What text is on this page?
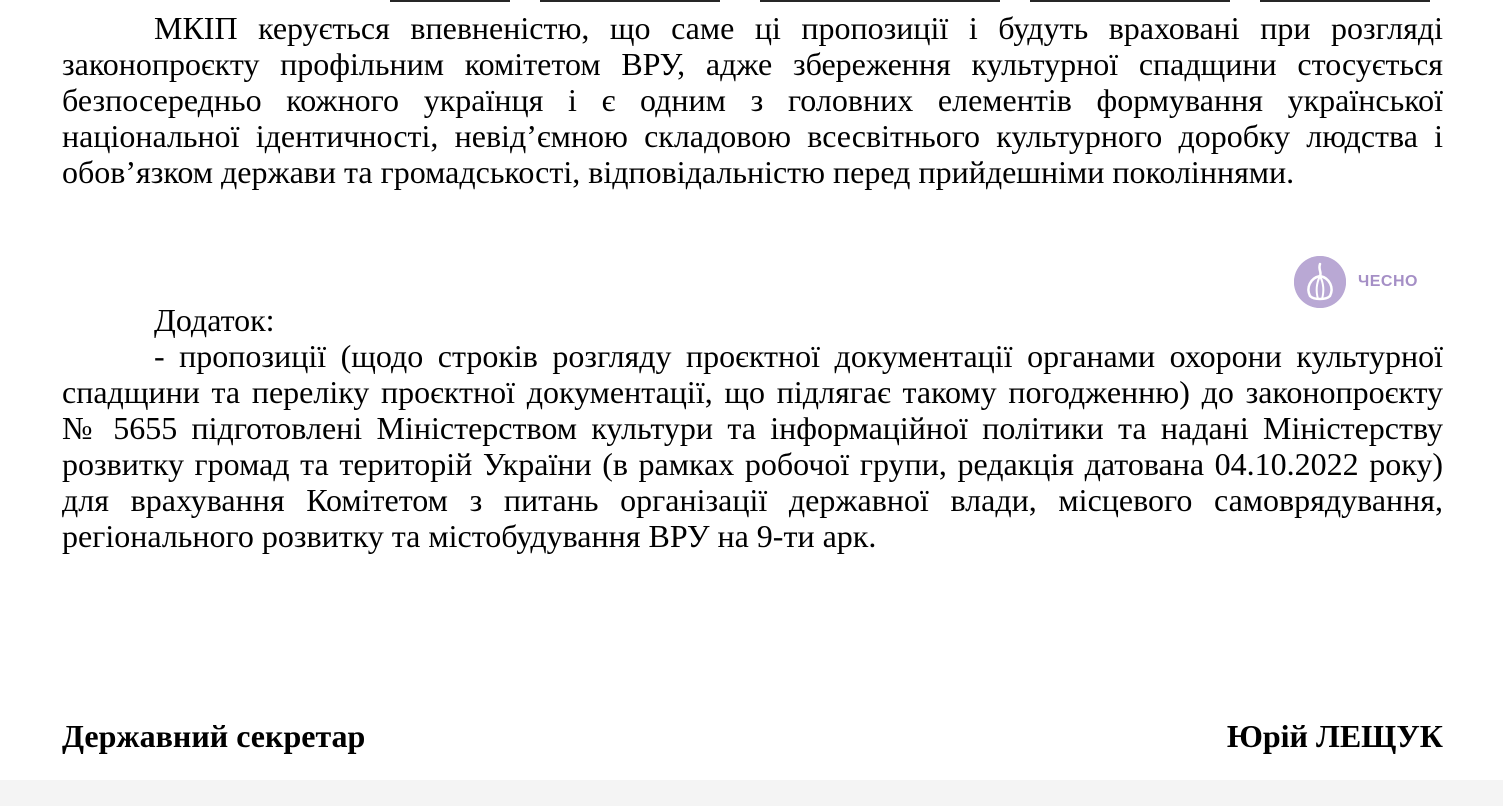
МКІП керується впевненістю, що саме ці пропозиції і будуть враховані при розгляді законопроєкту профільним комітетом ВРУ, адже збереження культурної спадщини стосується безпосередньо кожного українця і є одним з головних елементів формування української національної ідентичності, невід’ємною складовою всесвітнього культурного доробку людства і обов’язком держави та громадськості, відповідальністю перед прийдешніми поколіннями.

ЧЕСНО

Додаток:

- пропозиції (щодо строків розгляду проєктної документації органами охорони культурної спадщини та переліку проєктної документації, що підлягає такому погодженню) до законопроєкту № 5655 підготовлені Міністерством культури та інформаційної політики та надані Міністерству розвитку громад та територій України (в рамках робочої групи, редакція датована 04.10.2022 року) для врахування Комітетом з питань організації державної влади, місцевого самоврядування, регіонального розвитку та містобудування ВРУ на 9-ти арк.

Державний секретар	Юрій ЛЕЩУК
